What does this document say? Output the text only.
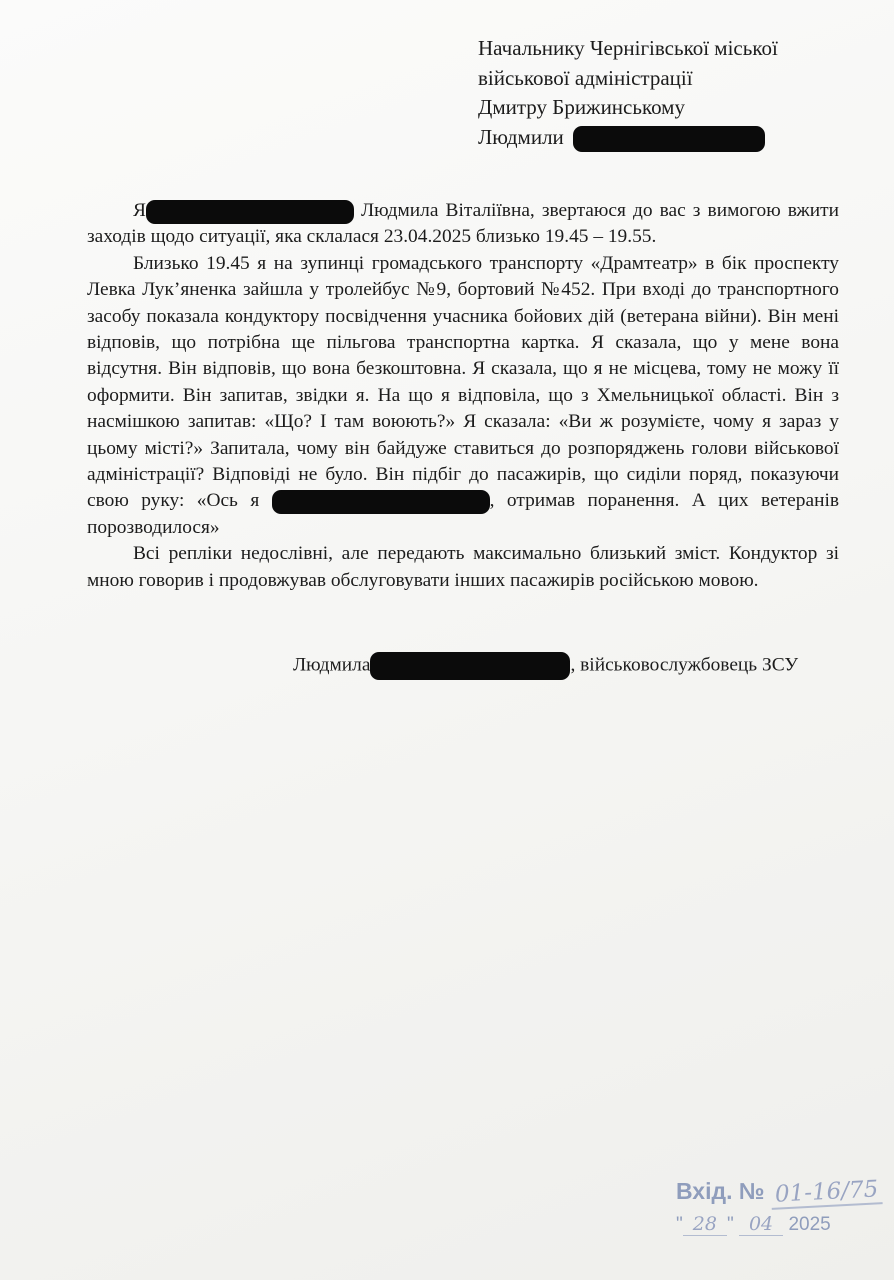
Начальнику Чернігівської міської
військової адміністрації
Дмитру Брижинському
Людмили

Я	Людмила Віталіївна, звертаюся до вас з вимогою вжити заходів щодо ситуації, яка склалася 23.04.2025 близько 19.45 – 19.55.

Близько 19.45 я на зупинці громадського транспорту «Драмтеатр» в бік проспекту Левка Лук’яненка зайшла у тролейбус №9, бортовий №452. При вході до транспортного засобу показала кондуктору посвідчення учасника бойових дій (ветерана війни). Він мені відповів, що потрібна ще пільгова транспортна картка. Я сказала, що у мене вона відсутня. Він відповів, що вона безкоштовна. Я сказала, що я не місцева, тому не можу її оформити. Він запитав, звідки я. На що я відповіла, що з Хмельницької області. Він з насмішкою запитав: «Що? І там воюють?» Я сказала: «Ви ж розумієте, чому я зараз у цьому місті?» Запитала, чому він байдуже ставиться до розпоряджень голови військової адміністрації? Відповіді не було. Він підбіг до пасажирів, що сиділи поряд, показуючи свою руку: «Ось я	, отримав поранення. А цих ветеранів порозводилося»

Всі репліки недослівні, але передають максимально близький зміст. Кондуктор зі мною говорив і продовжував обслуговувати інших пасажирів російською мовою.

Людмила	, військовослужбовець ЗСУ
Вхід. № 01-16/75
" 28 " 04 2025
